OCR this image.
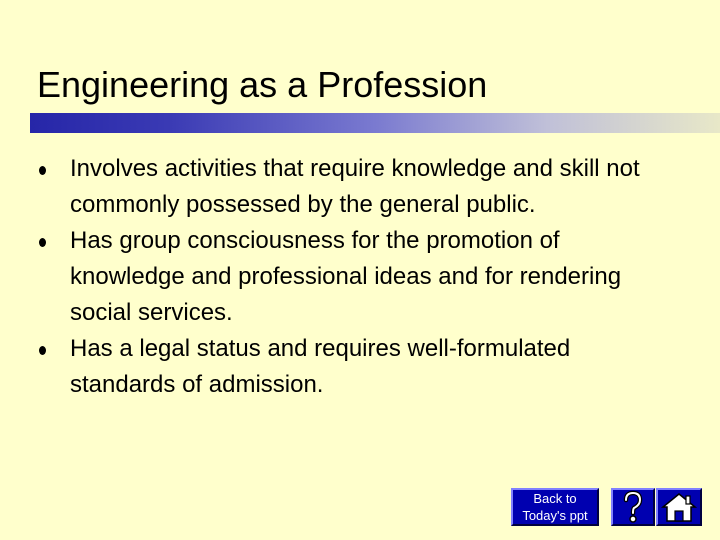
Engineering as a Profession
Involves activities that require knowledge and skill not commonly possessed by the general public.
Has group consciousness for the promotion of knowledge and professional ideas and for rendering social services.
Has a legal status and requires well-formulated standards of admission.
Back to
Today's ppt
